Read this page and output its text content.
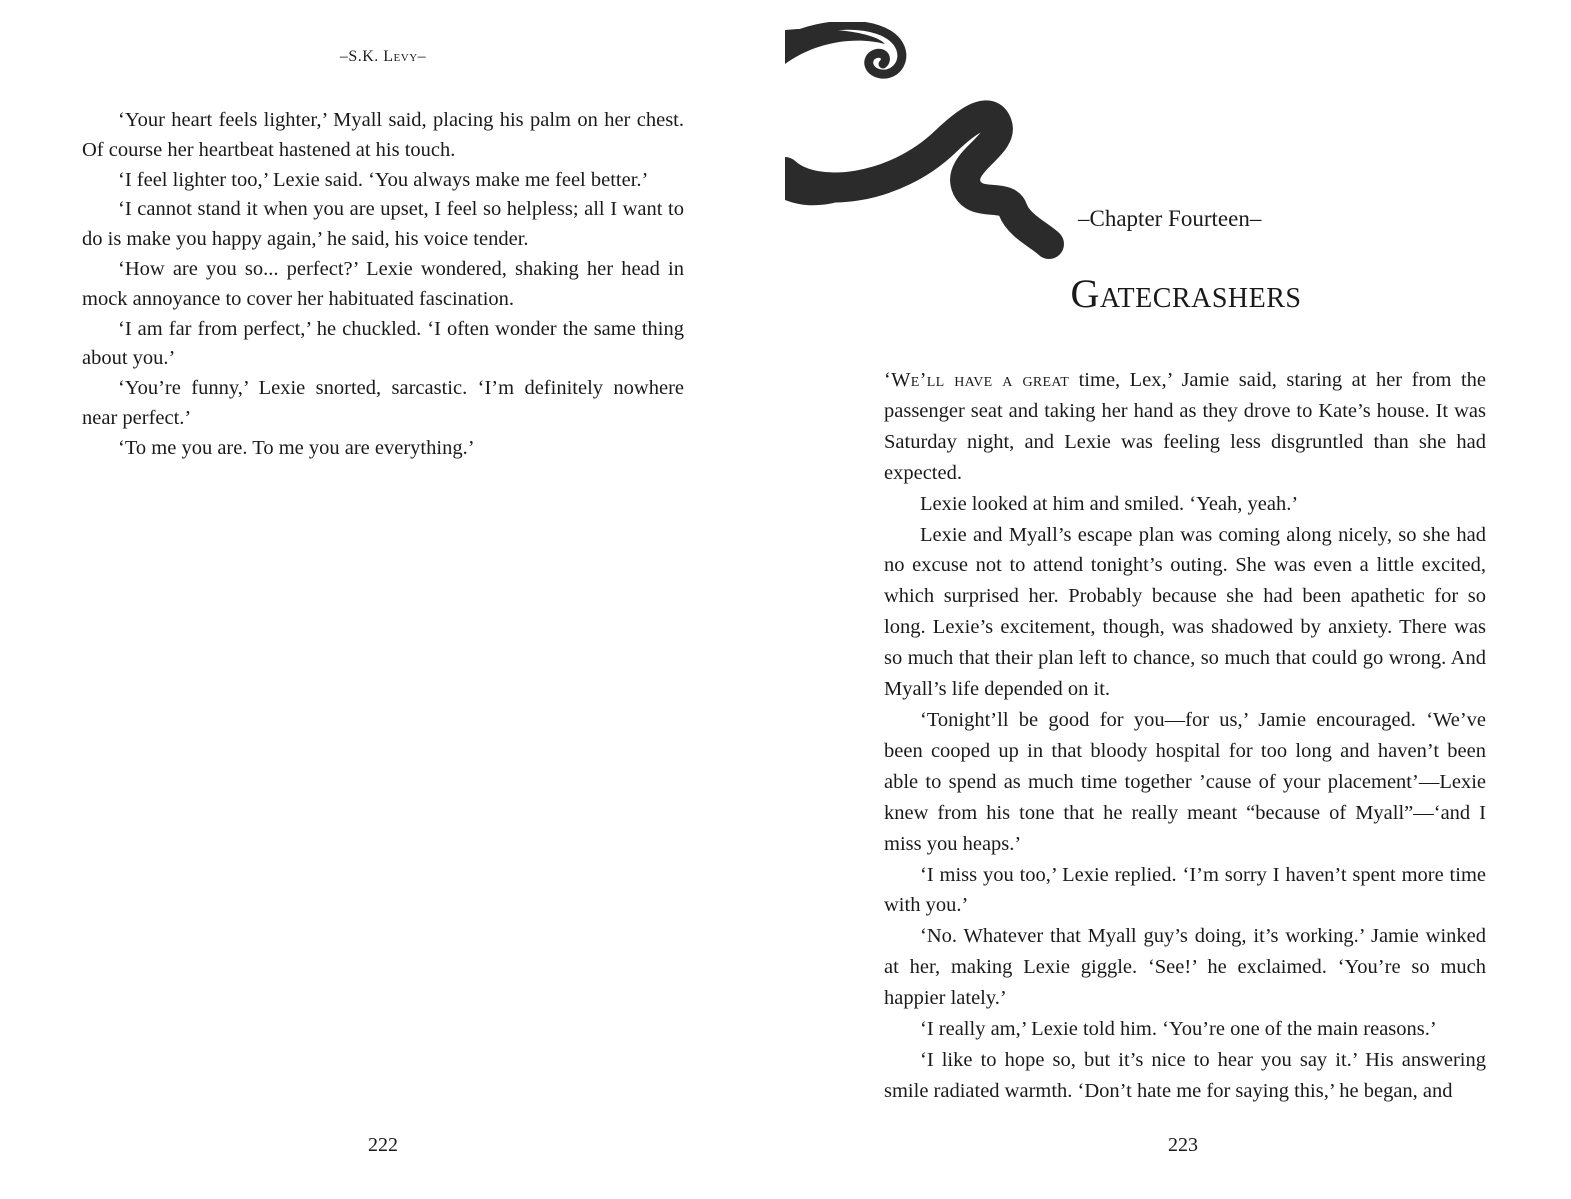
–S.K. Levy–

‘Your heart feels lighter,’ Myall said, placing his palm on her chest. Of course her heartbeat hastened at his touch.

‘I feel lighter too,’ Lexie said. ‘You always make me feel better.’

‘I cannot stand it when you are upset, I feel so helpless; all I want to do is make you happy again,’ he said, his voice tender.

‘How are you so... perfect?’ Lexie wondered, shaking her head in mock annoyance to cover her habituated fascination.

‘I am far from perfect,’ he chuckled. ‘I often wonder the same thing about you.’

‘You’re funny,’ Lexie snorted, sarcastic. ‘I’m definitely nowhere near perfect.’

‘To me you are. To me you are everything.’

222
–Chapter Fourteen–
Gatecrashers

‘We’ll have a great time, Lex,’ Jamie said, staring at her from the passenger seat and taking her hand as they drove to Kate’s house. It was Saturday night, and Lexie was feeling less disgruntled than she had expected.

Lexie looked at him and smiled. ‘Yeah, yeah.’

Lexie and Myall’s escape plan was coming along nicely, so she had no excuse not to attend tonight’s outing. She was even a little excited, which surprised her. Probably because she had been apathetic for so long. Lexie’s excitement, though, was shadowed by anxiety. There was so much that their plan left to chance, so much that could go wrong. And Myall’s life depended on it.

‘Tonight’ll be good for you—for us,’ Jamie encouraged. ‘We’ve been cooped up in that bloody hospital for too long and haven’t been able to spend as much time together ’cause of your placement’—Lexie knew from his tone that he really meant “because of Myall”—‘and I miss you heaps.’

‘I miss you too,’ Lexie replied. ‘I’m sorry I haven’t spent more time with you.’

‘No. Whatever that Myall guy’s doing, it’s working.’ Jamie winked at her, making Lexie giggle. ‘See!’ he exclaimed. ‘You’re so much happier lately.’

‘I really am,’ Lexie told him. ‘You’re one of the main reasons.’

‘I like to hope so, but it’s nice to hear you say it.’ His answering smile radiated warmth. ‘Don’t hate me for saying this,’ he began, and

223
